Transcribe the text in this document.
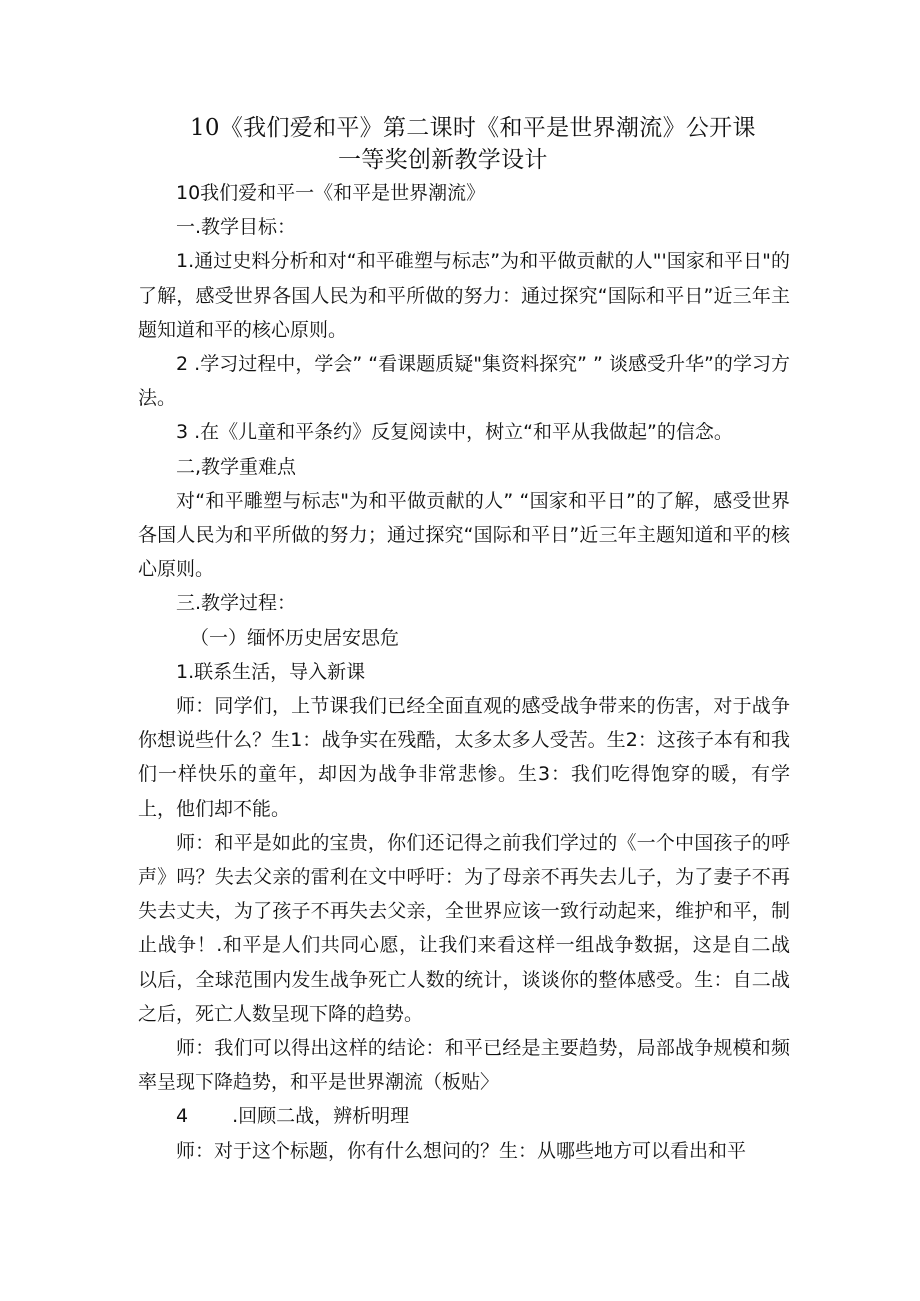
10《我们爱和平》第二课时《和平是世界潮流》公开课
一等奖创新教学设计

10我们爱和平一《和平是世界潮流》

一.教学目标：

1.通过史料分析和对“和平碓塑与标志”为和平做贡献的人"'国家和平日"的了解，感受世界各国人民为和平所做的努力：通过探究“国际和平日”近三年主题知道和平的核心原则。

2 .学习过程中，学会” “看课题质疑"集资料探究” ” 谈感受升华”的学习方法。

3 .在《儿童和平条约》反复阅读中，树立“和平从我做起”的信念。

二,教学重难点

对“和平雕塑与标志"为和平做贡献的人” “国家和平日”的了解，感受世界各国人民为和平所做的努力；通过探究“国际和平日”近三年主题知道和平的核心原则。

三.教学过程：

（一）缅怀历史居安思危

1.联系生活，导入新课

师：同学们，上节课我们已经全面直观的感受战争带来的伤害，对于战争你想说些什么？生1：战争实在残酷，太多太多人受苦。生2：这孩子本有和我们一样快乐的童年，却因为战争非常悲惨。生3：我们吃得饱穿的暖，有学上，他们却不能。

师：和平是如此的宝贵，你们还记得之前我们学过的《一个中国孩子的呼声》吗？失去父亲的雷利在文中呼吁：为了母亲不再失去儿子，为了妻子不再失去丈夫，为了孩子不再失去父亲，全世界应该一致行动起来，维护和平，制止战争！.和平是人们共同心愿，让我们来看这样一组战争数据，这是自二战以后，全球范围内发生战争死亡人数的统计，谈谈你的整体感受。生：自二战之后，死亡人数呈现下降的趋势。

师：我们可以得出这样的结论：和平已经是主要趋势，局部战争规模和频率呈现下降趋势，和平是世界潮流（板贴〉

4 .回顾二战，辨析明理

师：对于这个标题，你有什么想问的？生：从哪些地方可以看出和平
